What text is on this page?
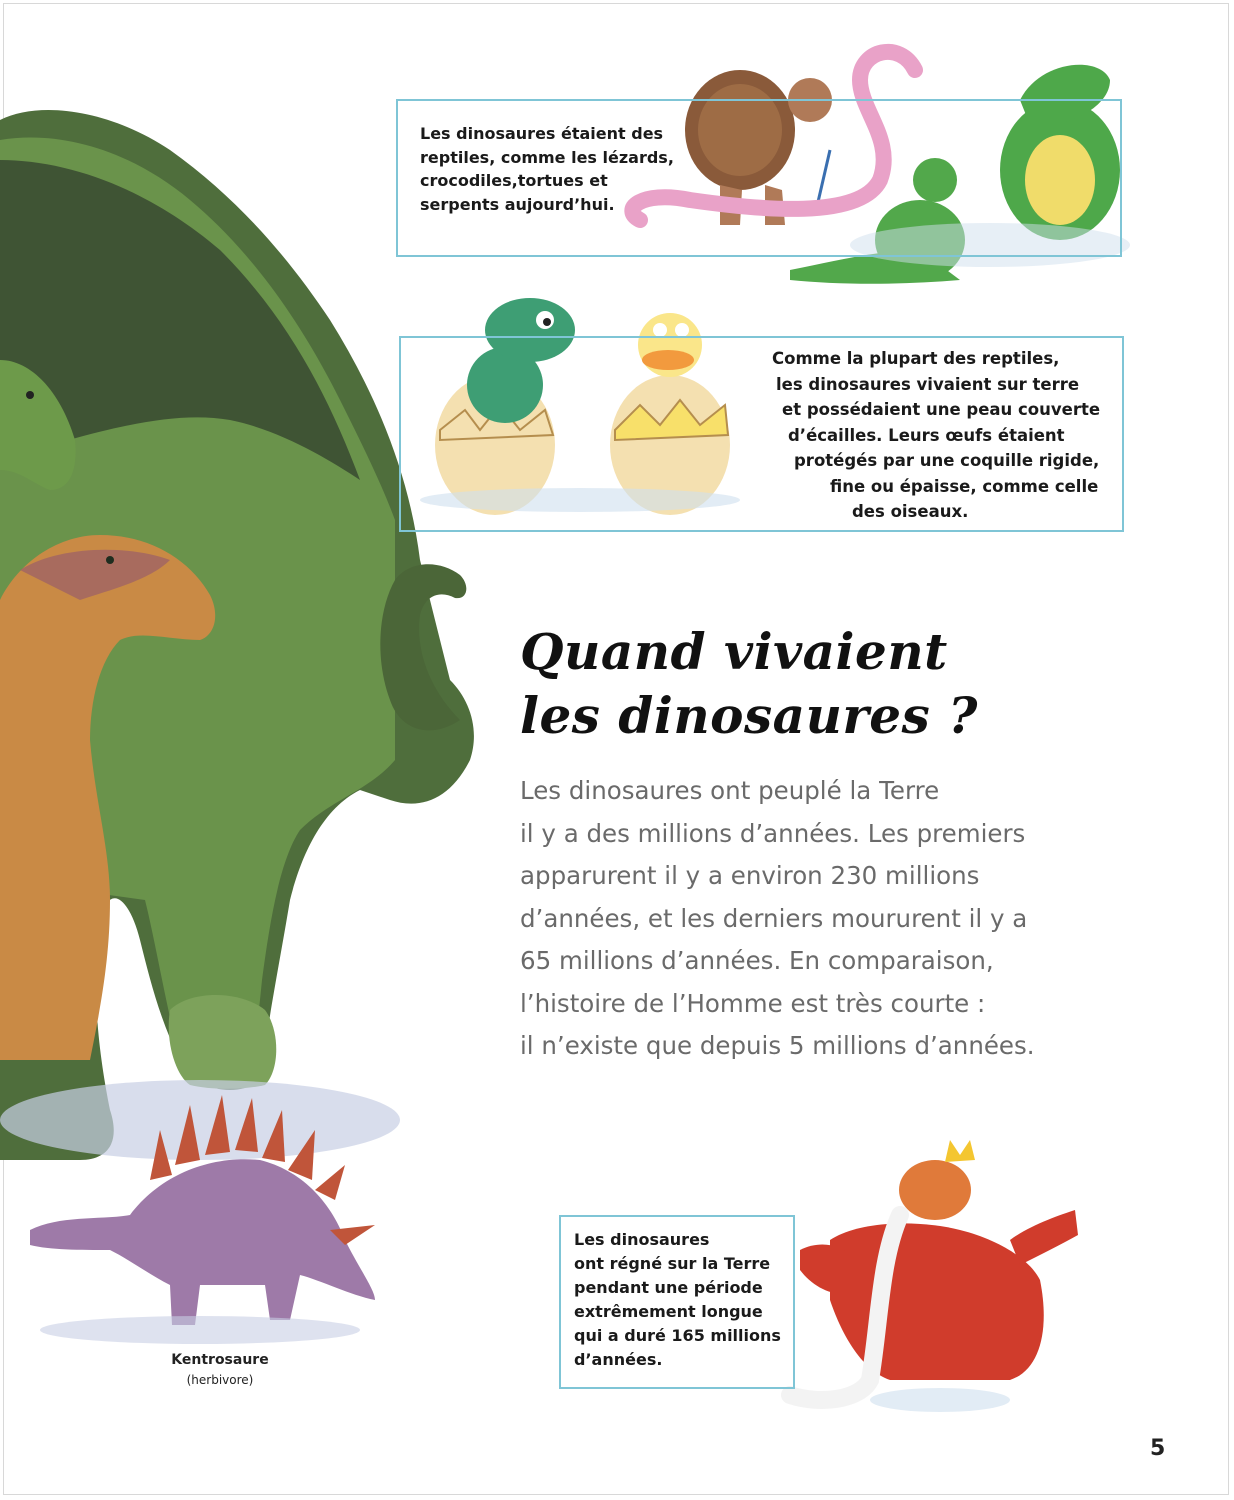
Les dinosaures étaient des
reptiles, comme les lézards,
crocodiles,tortues et
serpents aujourd’hui.
Comme la plupart des reptiles,
les dinosaures vivaient sur terre
et possédaient une peau couverte
d’écailles. Leurs œufs étaient
protégés par une coquille rigide,
fine ou épaisse, comme celle
des oiseaux.
Quand vivaient
les dinosaures ?
Les dinosaures ont peuplé la Terre
il y a des millions d’années. Les premiers
apparurent il y a environ 230 millions
d’années, et les derniers moururent il y a
65 millions d’années. En comparaison,
l’histoire de l’Homme est très courte :
il n’existe que depuis 5 millions d’années.
Les dinosaures
ont régné sur la Terre
pendant une période
extrêmement longue
qui a duré 165 millions
d’années.
Kentrosaure
(herbivore)
5
